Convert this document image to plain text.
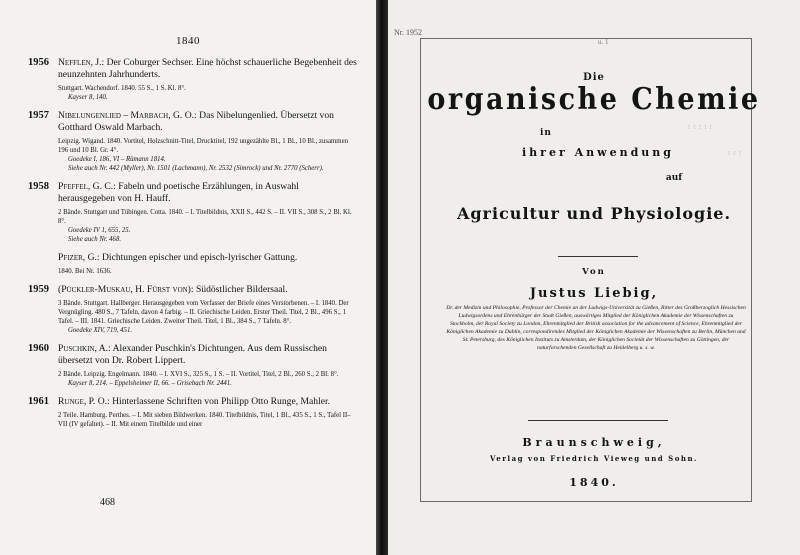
1840
1956 Nefflen, J.: Der Coburger Sechser. Eine höchst schauerliche Begebenheit des neunzehnten Jahrhunderts.

Stuttgart. Wachendorf. 1840. 55 S., 1 S. Kl. 8°.

Kayser 8, 140.

1957 Nibelungenlied – Marbach, G. O.: Das Nibelungenlied. Übersetzt von Gotthard Oswald Marbach.

Leipzig. Wigand. 1840. Vortitel, Holzschnitt-Titel, Drucktitel, 192 ungezählte Bl., 1 Bl., 10 Bl., zusammen 196 und 10 Bl. Gr. 4°.

Goedeke I, 186, VI – Rümann 1814.

Siehe auch Nr. 442 (Myller), Nr. 1501 (Lachmann), Nr. 2532 (Simrock) und Nr. 2770 (Scherr).

1958 Pfeffel, G. C.: Fabeln und poetische Erzählungen, in Auswahl herausgegeben von H. Hauff.

2 Bände. Stuttgart und Tübingen. Cotta. 1840. – I. Titelbildnis, XXII S., 442 S. – II. VII S., 308 S., 2 Bl. Kl. 8°.

Goedeke IV 1, 655, 25.

Siehe auch Nr. 468.

Pfizer, G.: Dichtungen epischer und episch-lyrischer Gattung.

1840. Bei Nr. 1636.

1959 (Pückler-Muskau, H. Fürst von): Südöstlicher Bildersaal.

3 Bände. Stuttgart. Hallberger. Herausgegeben vom Verfasser der Briefe eines Verstorbenen. – I. 1840. Der Vergnügling. 480 S., 7 Tafeln, davon 4 farbig. – II. Griechische Leiden. Erster Theil. Titel, 2 Bl., 496 S., 1 Tafel. – III. 1841. Griechische Leiden. Zweiter Theil. Titel, 1 Bl., 384 S., 7 Tafeln. 8°.

Goedeke XIV, 719, 451.

1960 Puschkin, A.: Alexander Puschkin's Dichtungen. Aus dem Russischen übersetzt von Dr. Robert Lippert.

2 Bände. Leipzig. Engelmann. 1840. – I. XVI S., 325 S., 1 S. – II. Vortitel, Titel, 2 Bl., 260 S., 2 Bl. 8°.

Kayser 8, 214. – Eppelsheimer II, 66. – Grisebach Nr. 2441.

1961 Runge, P. O.: Hinterlassene Schriften von Philipp Otto Runge, Mahler.

2 Teile. Hamburg. Perthes. – I. Mit sieben Bildwerken. 1840. Titelbildnis, Titel, 1 Bl., 435 S., 1 S., Tafel II–VII (IV gefaltet). – II. Mit einem Titelbilde und einer

468
Nr. 1952
u. 1
Die
organische Chemie
in
ihrer Anwendung
auf
Agricultur und Physiologie.
Von
Justus Liebig,
Dr. der Medizin und Philosophie, Professor der Chemie an der Ludwigs-Universität zu Gießen, Ritter des Großherzoglich Hessischen Ludwigsordens und Ehrenbürger der Stadt Gießen, auswärtiges Mitglied der Königlichen Akademie der Wissenschaften zu Stockholm, der Royal Society zu London, Ehrenmitglied der British association for the advancement of Science, Ehrenmitglied der Königlichen Akademie zu Dublin, correspondirendes Mitglied der Königlichen Akademie der Wissenschaften zu Berlin, München und St. Petersburg, des Königlichen Instituts zu Amsterdam, der Königlichen Societät der Wissenschaften zu Göttingen, der naturforschenden Gesellschaft zu Heidelberg u. s. w.
Braunschweig,
Verlag von Friedrich Vieweg und Sohn.
1840.
⁝ ⁝ ⁝ ⁝ ⁝
⁝ ⁝ ⁝
